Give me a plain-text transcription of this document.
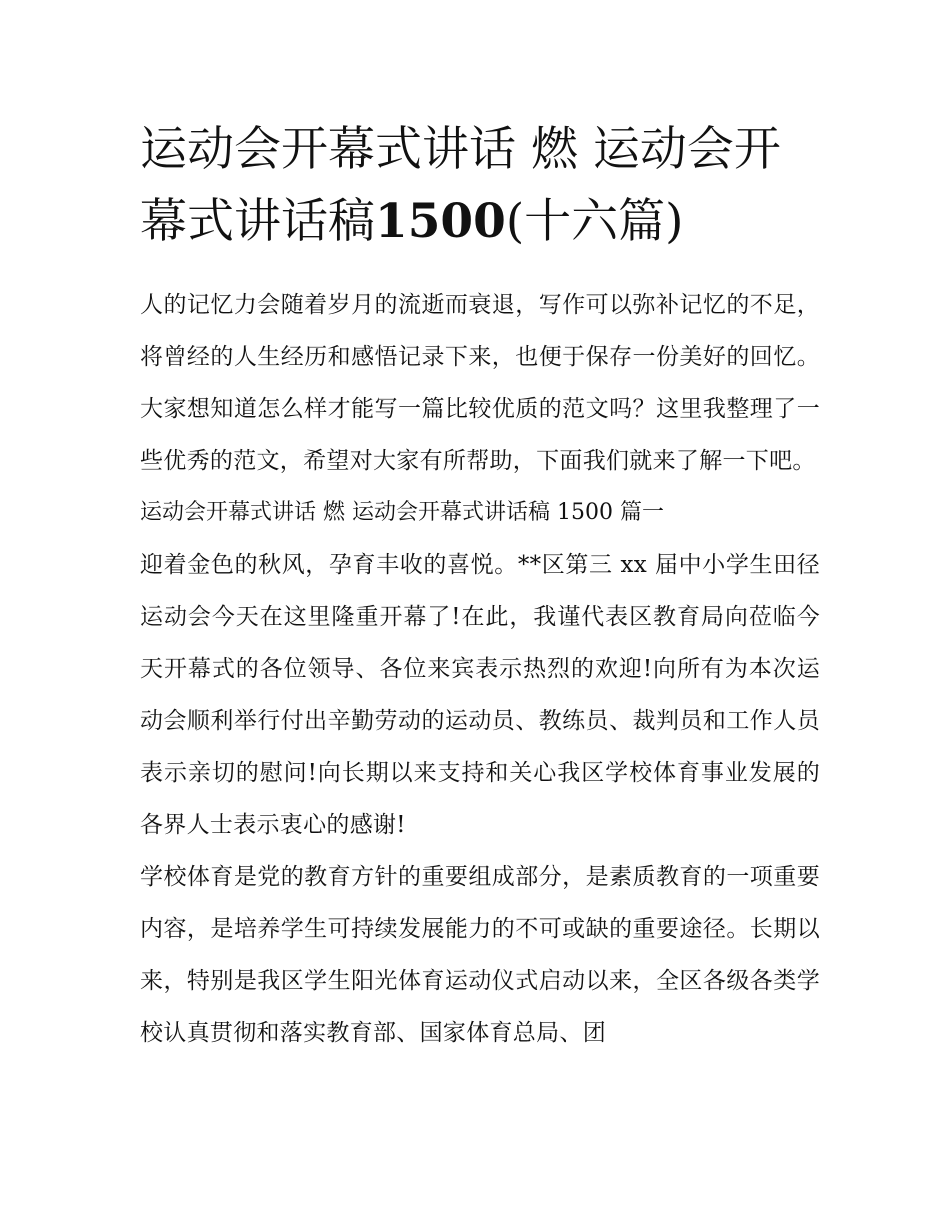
运动会开幕式讲话 燃 运动会开幕式讲话稿1500(十六篇)

人的记忆力会随着岁月的流逝而衰退，写作可以弥补记忆的不足，将曾经的人生经历和感悟记录下来，也便于保存一份美好的回忆。大家想知道怎么样才能写一篇比较优质的范文吗？这里我整理了一些优秀的范文，希望对大家有所帮助，下面我们就来了解一下吧。

运动会开幕式讲话 燃 运动会开幕式讲话稿 1500 篇一

迎着金色的秋风，孕育丰收的喜悦。**区第三 xx 届中小学生田径运动会今天在这里隆重开幕了!在此，我谨代表区教育局向莅临今天开幕式的各位领导、各位来宾表示热烈的欢迎!向所有为本次运动会顺利举行付出辛勤劳动的运动员、教练员、裁判员和工作人员表示亲切的慰问!向长期以来支持和关心我区学校体育事业发展的各界人士表示衷心的感谢!

学校体育是党的教育方针的重要组成部分，是素质教育的一项重要内容，是培养学生可持续发展能力的不可或缺的重要途径。长期以来，特别是我区学生阳光体育运动仪式启动以来，全区各级各类学校认真贯彻和落实教育部、国家体育总局、团
